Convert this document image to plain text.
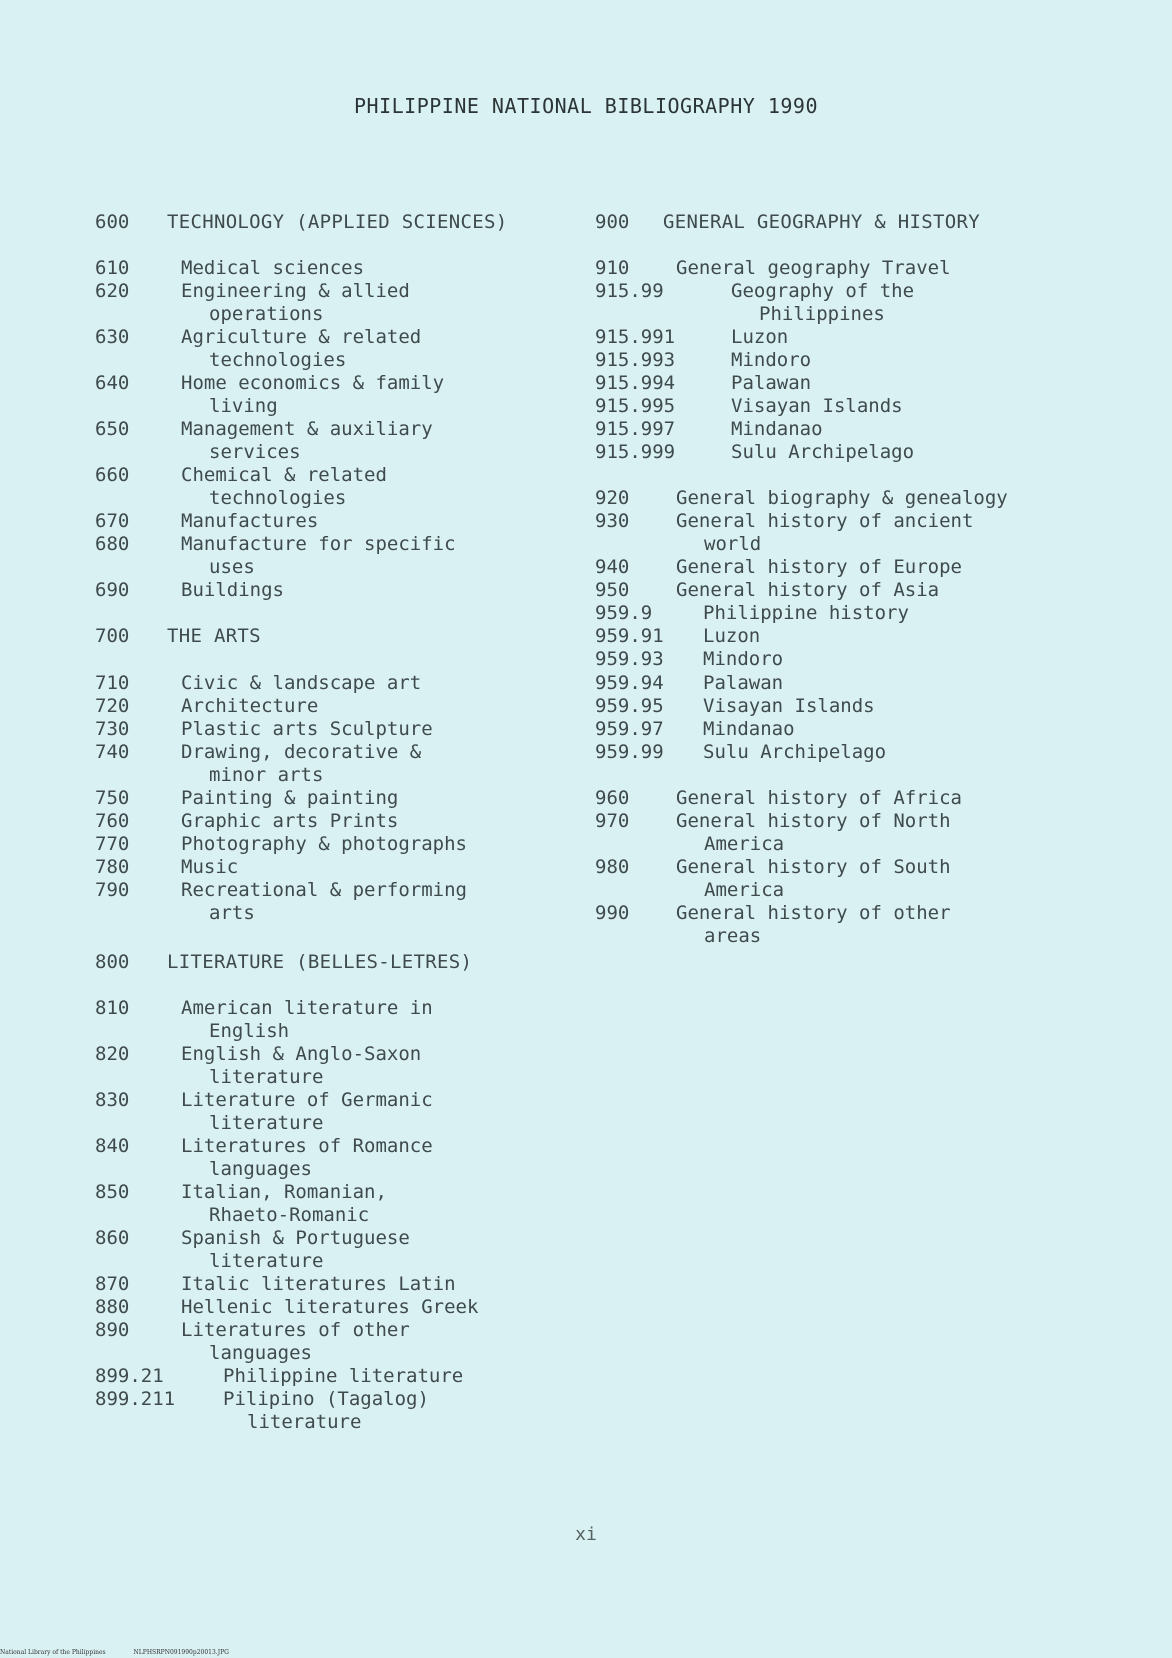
PHILIPPINE NATIONAL BIBLIOGRAPHY 1990
600 TECHNOLOGY (APPLIED SCIENCES)
610	Medical sciences
620	Engineering & allied
operations
630	Agriculture & related
technologies
640	Home economics & family
living
650	Management & auxiliary
services
660	Chemical & related
technologies
670	Manufactures
680	Manufacture for specific
uses
690	Buildings
700 THE ARTS
710	Civic & landscape art
720	Architecture
730	Plastic arts Sculpture
740	Drawing, decorative &
minor arts
750	Painting & painting
760	Graphic arts Prints
770	Photography & photographs
780	Music
790	Recreational & performing
arts
800 LITERATURE (BELLES-LETRES)
810	American literature in
English
820	English & Anglo-Saxon
literature
830	Literature of Germanic
literature
840	Literatures of Romance
languages
850	Italian, Romanian,
Rhaeto-Romanic
860	Spanish & Portuguese
literature
870	Italic literatures Latin
880	Hellenic literatures Greek
890	Literatures of other
languages
899.21	Philippine literature
899.211	Pilipino (Tagalog)
literature
900 GENERAL GEOGRAPHY & HISTORY
910 General geography Travel
915.99	Geography of the
Philippines
915.991	Luzon
915.993	Mindoro
915.994	Palawan
915.995	Visayan Islands
915.997	Mindanao
915.999	Sulu Archipelago
920 General biography & genealogy
930 General history of ancient
world
940 General history of Europe
950 General history of Asia
959.9	Philippine history
959.91 Luzon
959.93 Mindoro
959.94 Palawan
959.95 Visayan Islands
959.97 Mindanao
959.99 Sulu Archipelago
960 General history of Africa
970 General history of North
America
980 General history of South
America
990 General history of other
areas
xi
National Library of the Philippines	NLPHSRPN091990p20013.JPG
